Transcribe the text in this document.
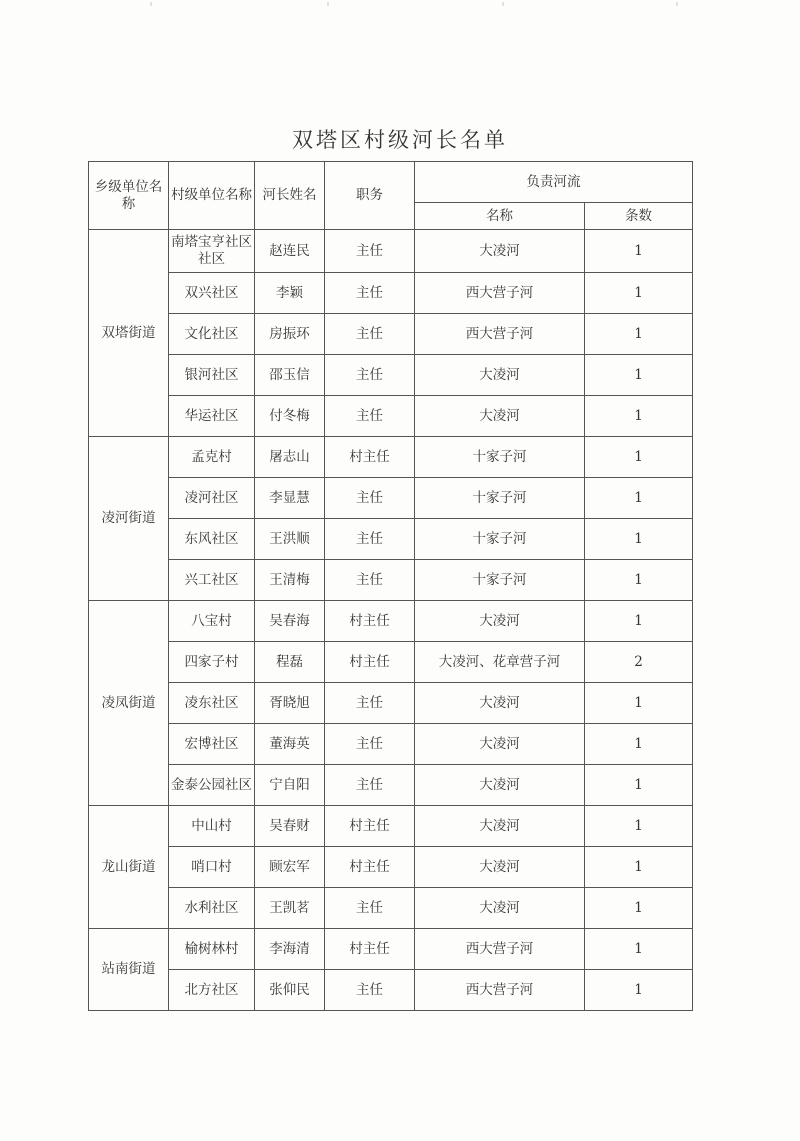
双塔区村级河长名单
乡级单位名称	村级单位名称	河长姓名	职务	负责河流	
				名称	条数
双塔街道	南塔宝亨社区社区	赵连民	主任	大凌河	1
	双兴社区	李颖	主任	西大营子河	1
	文化社区	房振环	主任	西大营子河	1
	银河社区	邵玉信	主任	大凌河	1
	华运社区	付冬梅	主任	大凌河	1
凌河街道	孟克村	屠志山	村主任	十家子河	1
	凌河社区	李显慧	主任	十家子河	1
	东风社区	王洪顺	主任	十家子河	1
	兴工社区	王清梅	主任	十家子河	1
凌凤街道	八宝村	吴春海	村主任	大凌河	1
	四家子村	程磊	村主任	大凌河、花章营子河	2
	凌东社区	胥晓旭	主任	大凌河	1
	宏博社区	董海英	主任	大凌河	1
	金泰公园社区	宁自阳	主任	大凌河	1
龙山街道	中山村	吴春财	村主任	大凌河	1
	哨口村	顾宏军	村主任	大凌河	1
	水利社区	王凯茗	主任	大凌河	1
站南街道	榆树林村	李海清	村主任	西大营子河	1
	北方社区	张仰民	主任	西大营子河	1
